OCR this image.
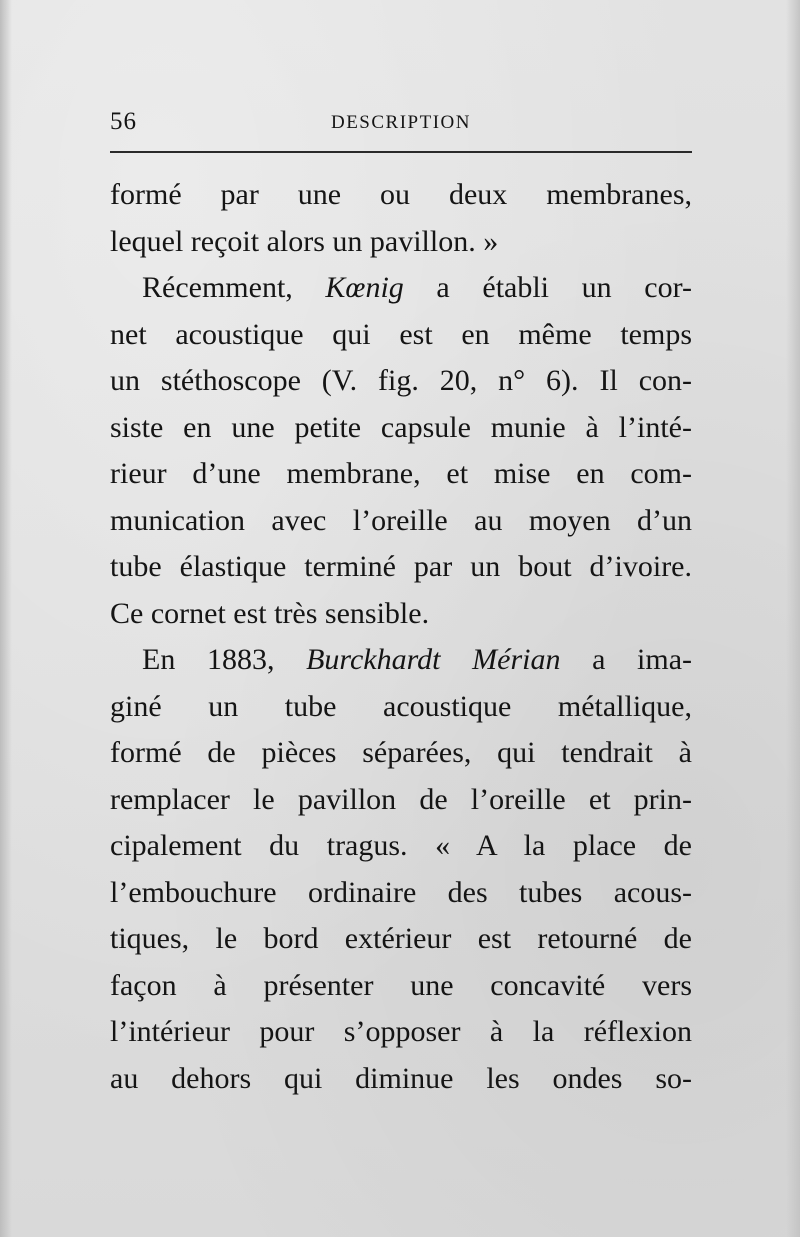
56	DESCRIPTION
formé par une ou deux membranes,
lequel reçoit alors un pavillon. »
Récemment, Kœnig a établi un cor-
net acoustique qui est en même temps
un stéthoscope (V. fig. 20, n° 6). Il con-
siste en une petite capsule munie à l’inté-
rieur d’une membrane, et mise en com-
munication avec l’oreille au moyen d’un
tube élastique terminé par un bout d’ivoire.
Ce cornet est très sensible.
En 1883, Burckhardt Mérian a ima-
giné un tube acoustique métallique,
formé de pièces séparées, qui tendrait à
remplacer le pavillon de l’oreille et prin-
cipalement du tragus. « A la place de
l’embouchure ordinaire des tubes acous-
tiques, le bord extérieur est retourné de
façon à présenter une concavité vers
l’intérieur pour s’opposer à la réflexion
au dehors qui diminue les ondes so-
